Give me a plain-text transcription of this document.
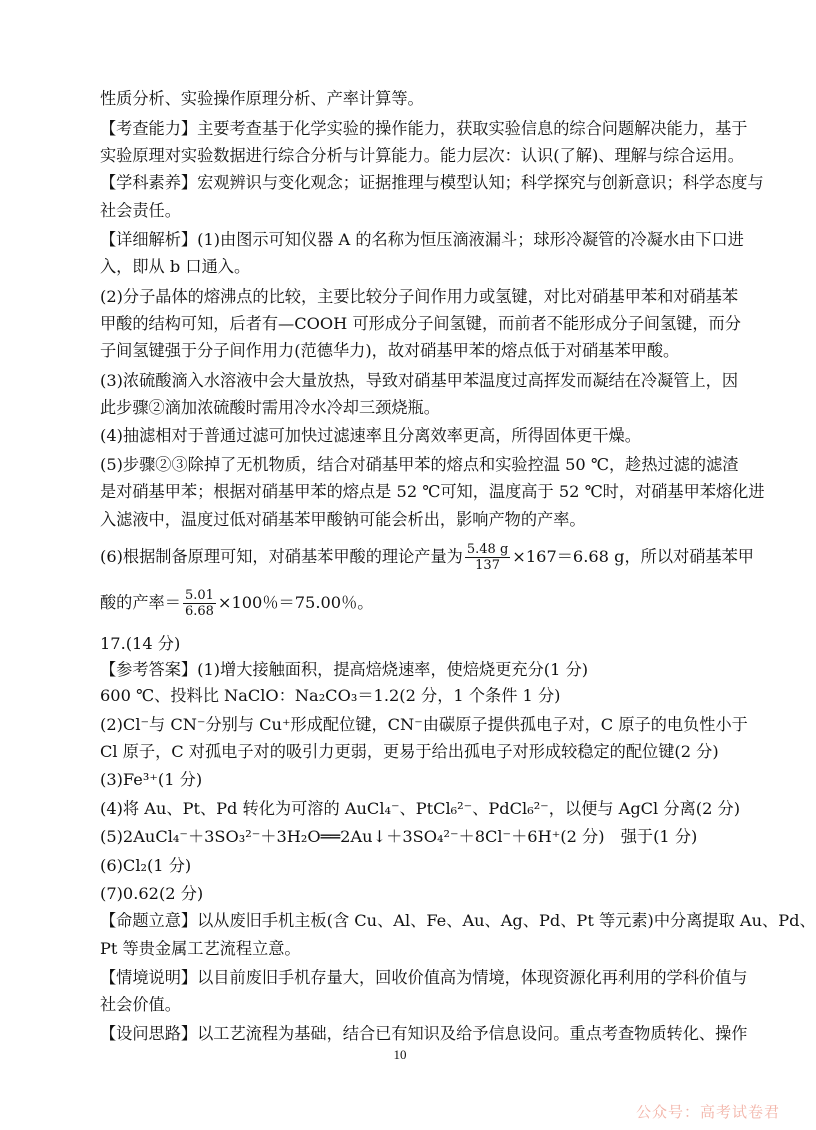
性质分析、实验操作原理分析、产率计算等。
【考查能力】主要考查基于化学实验的操作能力，获取实验信息的综合问题解决能力，基于
实验原理对实验数据进行综合分析与计算能力。能力层次：认识(了解)、理解与综合运用。
【学科素养】宏观辨识与变化观念；证据推理与模型认知；科学探究与创新意识；科学态度与
社会责任。
【详细解析】(1)由图示可知仪器 A 的名称为恒压滴液漏斗；球形冷凝管的冷凝水由下口进
入，即从 b 口通入。
(2)分子晶体的熔沸点的比较，主要比较分子间作用力或氢键，对比对硝基甲苯和对硝基苯
甲酸的结构可知，后者有—COOH 可形成分子间氢键，而前者不能形成分子间氢键，而分
子间氢键强于分子间作用力(范德华力)，故对硝基甲苯的熔点低于对硝基苯甲酸。
(3)浓硫酸滴入水溶液中会大量放热，导致对硝基甲苯温度过高挥发而凝结在冷凝管上，因
此步骤②滴加浓硫酸时需用冷水冷却三颈烧瓶。
(4)抽滤相对于普通过滤可加快过滤速率且分离效率更高，所得固体更干燥。
(5)步骤②③除掉了无机物质，结合对硝基甲苯的熔点和实验控温 50 ℃，趁热过滤的滤渣
是对硝基甲苯；根据对硝基甲苯的熔点是 52 ℃可知，温度高于 52 ℃时，对硝基甲苯熔化进
入滤液中，温度过低对硝基苯甲酸钠可能会析出，影响产物的产率。
(6)根据制备原理可知，对硝基苯甲酸的理论产量为 $\frac{5.48 g}{137} \times 167=6.68$ g，所以对硝基苯甲
酸的产率＝ $\frac{5.01}{6.68} \times 100$％＝75.00％。
17.(14 分)
【参考答案】(1)增大接触面积，提高焙烧速率，使焙烧更充分(1 分)
600 ℃、投料比 NaClO：Na₂CO₃＝1.2(2 分，1 个条件 1 分)
(2)Cl⁻与 CN⁻分别与 Cu⁺形成配位键，CN⁻由碳原子提供孤电子对，C 原子的电负性小于
Cl 原子，C 对孤电子对的吸引力更弱，更易于给出孤电子对形成较稳定的配位键(2 分)
(3)Fe³⁺(1 分)
(4)将 Au、Pt、Pd 转化为可溶的 AuCl₄⁻、PtCl₆²⁻、PdCl₆²⁻，以便与 AgCl 分离(2 分)
(5)2AuCl₄⁻＋3SO₃²⁻＋3H₂O══2Au↓＋3SO₄²⁻＋8Cl⁻＋6H⁺(2 分)　强于(1 分)
(6)Cl₂(1 分)
(7)0.62(2 分)
【命题立意】以从废旧手机主板(含 Cu、Al、Fe、Au、Ag、Pd、Pt 等元素)中分离提取 Au、Pd、
Pt 等贵金属工艺流程立意。
【情境说明】以目前废旧手机存量大，回收价值高为情境，体现资源化再利用的学科价值与
社会价值。
【设问思路】以工艺流程为基础，结合已有知识及给予信息设问。重点考查物质转化、操作
10
公众号：高考试卷君
